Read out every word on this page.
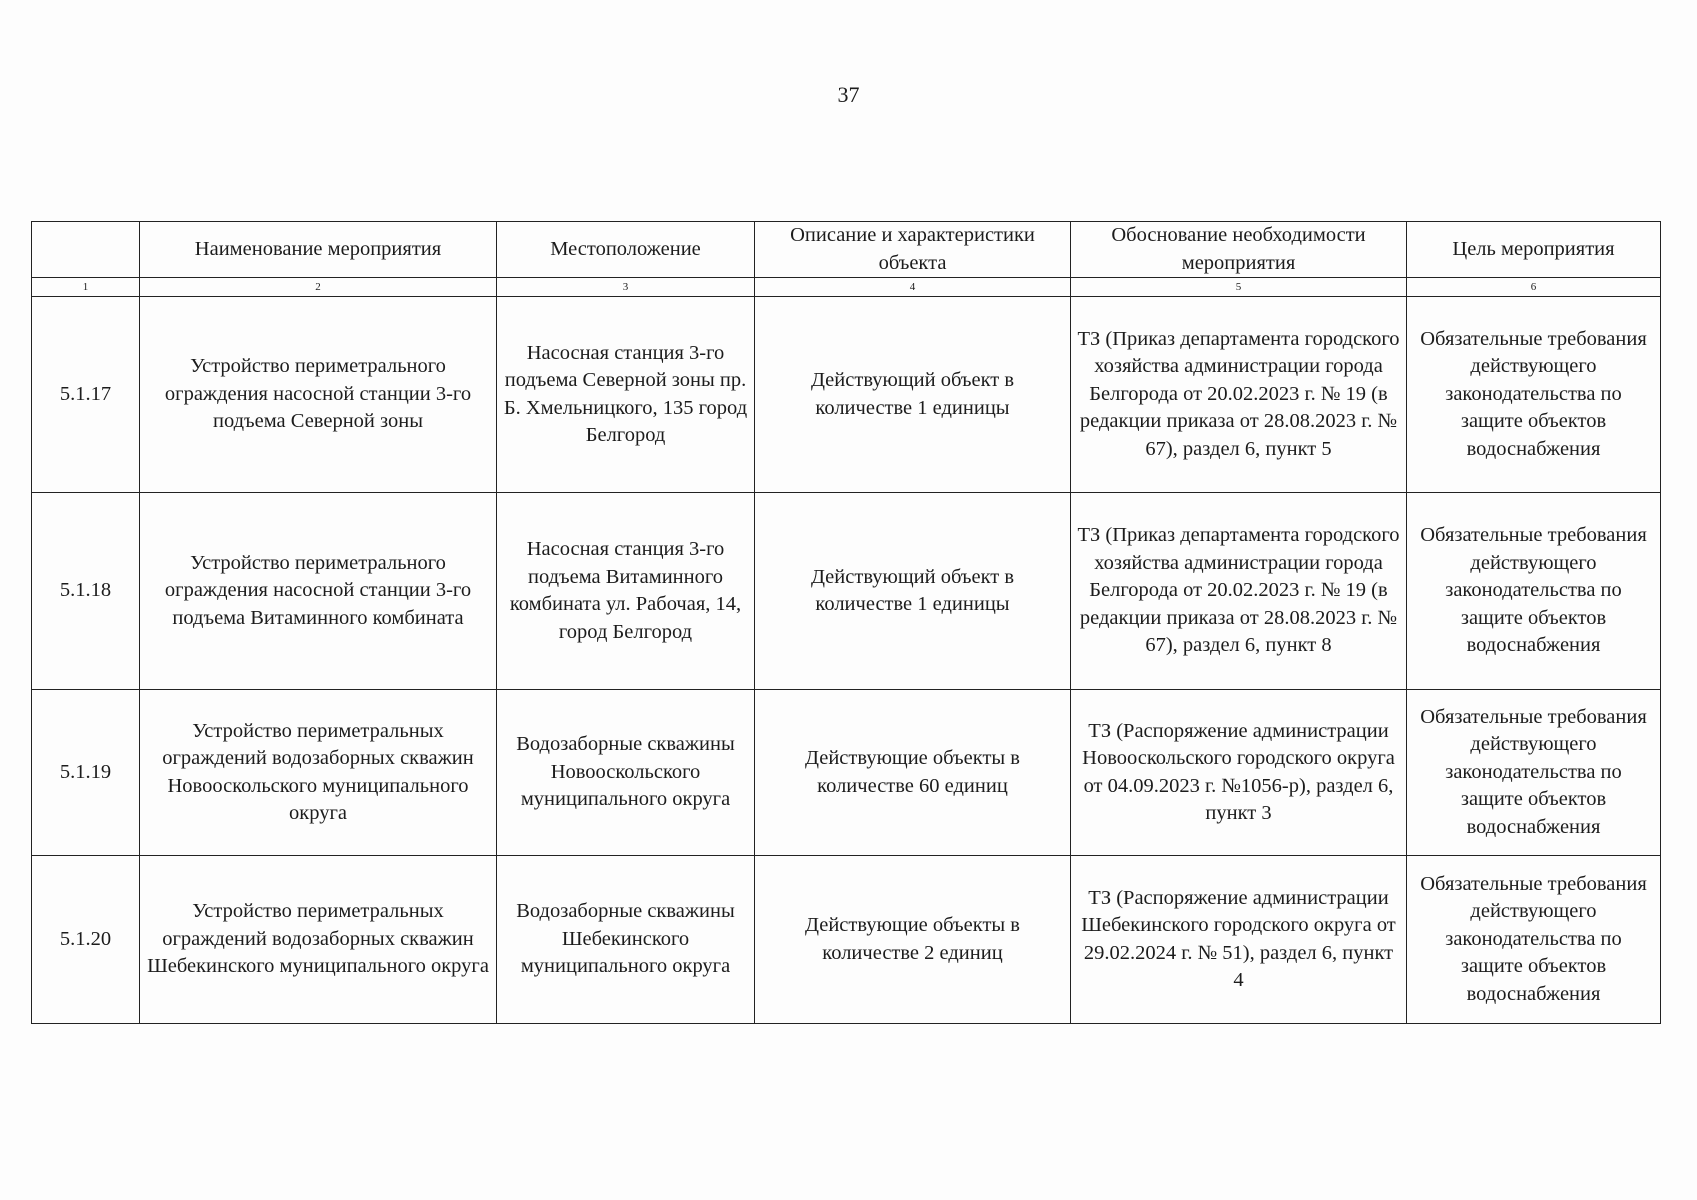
37
	Наименование мероприятия	Местоположение	Описание и характеристики объекта	Обоснование необходимости мероприятия	Цель мероприятия
1	2	3	4	5	6
5.1.17	Устройство периметрального ограждения насосной станции 3-го подъема Северной зоны	Насосная станция 3-го подъема Северной зоны пр. Б. Хмельницкого, 135 город Белгород	Действующий объект в количестве 1 единицы	ТЗ (Приказ департамента городского хозяйства администрации города Белгорода от 20.02.2023 г. № 19 (в редакции приказа от 28.08.2023 г. № 67), раздел 6, пункт 5	Обязательные требования действующего законодательства по защите объектов водоснабжения
5.1.18	Устройство периметрального ограждения насосной станции 3-го подъема Витаминного комбината	Насосная станция 3-го подъема Витаминного комбината ул. Рабочая, 14, город Белгород	Действующий объект в количестве 1 единицы	ТЗ (Приказ департамента городского хозяйства администрации города Белгорода от 20.02.2023 г. № 19 (в редакции приказа от 28.08.2023 г. № 67), раздел 6, пункт 8	Обязательные требования действующего законодательства по защите объектов водоснабжения
5.1.19	Устройство периметральных ограждений водозаборных скважин Новооскольского муниципального округа	Водозаборные скважины Новооскольского муниципального округа	Действующие объекты в количестве 60 единиц	ТЗ (Распоряжение администрации Новооскольского городского округа от 04.09.2023 г. №1056-р), раздел 6, пункт 3	Обязательные требования действующего законодательства по защите объектов водоснабжения
5.1.20	Устройство периметральных ограждений водозаборных скважин Шебекинского муниципального округа	Водозаборные скважины Шебекинского муниципального округа	Действующие объекты в количестве 2 единиц	ТЗ (Распоряжение администрации Шебекинского городского округа от 29.02.2024 г. № 51), раздел 6, пункт 4	Обязательные требования действующего законодательства по защите объектов водоснабжения
